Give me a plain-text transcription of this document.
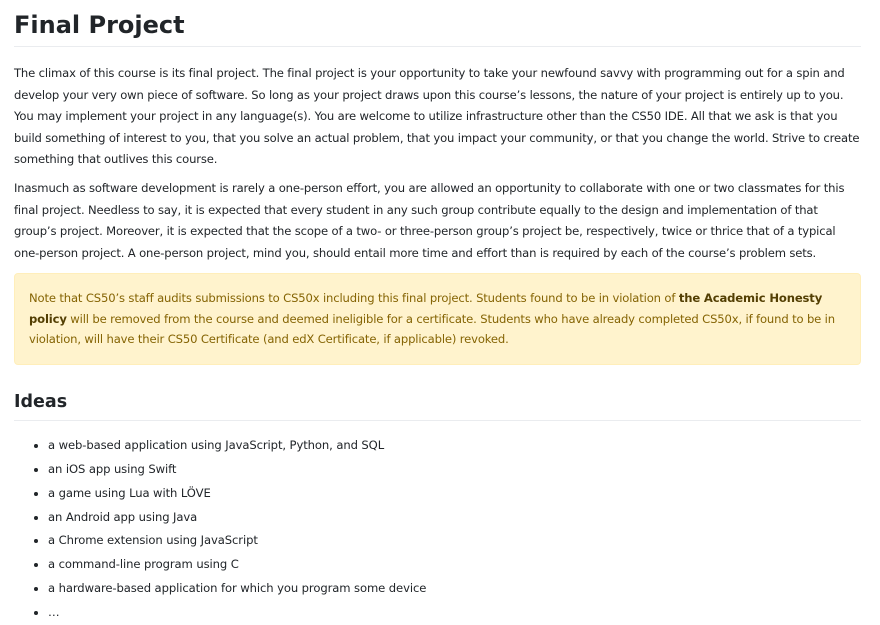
Final Project

The climax of this course is its final project. The final project is your opportunity to take your newfound savvy with programming out for a spin and develop your very own piece of software. So long as your project draws upon this course’s lessons, the nature of your project is entirely up to you. You may implement your project in any language(s). You are welcome to utilize infrastructure other than the CS50 IDE. All that we ask is that you build something of interest to you, that you solve an actual problem, that you impact your community, or that you change the world. Strive to create something that outlives this course.

Inasmuch as software development is rarely a one-person effort, you are allowed an opportunity to collaborate with one or two classmates for this final project. Needless to say, it is expected that every student in any such group contribute equally to the design and implementation of that group’s project. Moreover, it is expected that the scope of a two- or three-person group’s project be, respectively, twice or thrice that of a typical one-person project. A one-person project, mind you, should entail more time and effort than is required by each of the course’s problem sets.

Note that CS50’s staff audits submissions to CS50x including this final project. Students found to be in violation of the Academic Honesty policy will be removed from the course and deemed ineligible for a certificate. Students who have already completed CS50x, if found to be in violation, will have their CS50 Certificate (and edX Certificate, if applicable) revoked.
Ideas
• a web-based application using JavaScript, Python, and SQL
• an iOS app using Swift
• a game using Lua with LÖVE
• an Android app using Java
• a Chrome extension using JavaScript
• a command-line program using C
• a hardware-based application for which you program some device
• …
